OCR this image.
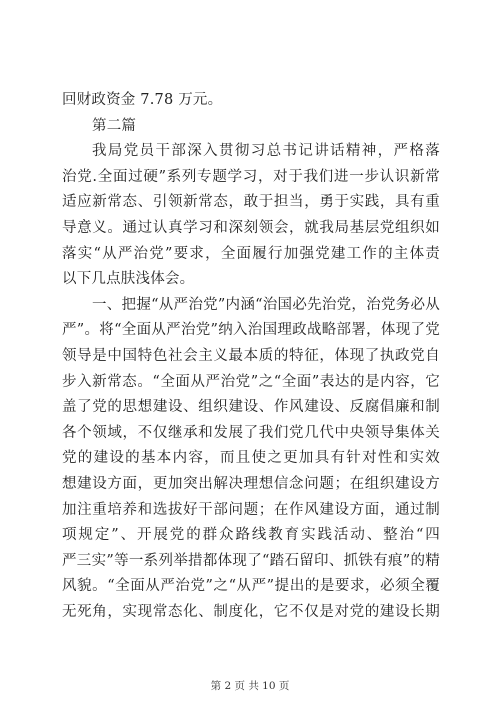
回财政资金 7.78 万元。
第二篇
我局党员干部深入贯彻习总书记讲话精神，严格落
治党.全面过硬”系列专题学习，对于我们进一步认识新常
适应新常态、引领新常态，敢于担当，勇于实践，具有重
导意义。通过认真学习和深刻领会，就我局基层党组织如
落实“从严治党”要求，全面履行加强党建工作的主体责
以下几点肤浅体会。
一、把握“从严治党”内涵“治国必先治党，治党务必从
严”。将“全面从严治党”纳入治国理政战略部署，体现了党
领导是中国特色社会主义最本质的特征，体现了执政党自
步入新常态。“全面从严治党”之“全面”表达的是内容，它
盖了党的思想建设、组织建设、作风建设、反腐倡廉和制
各个领域，不仅继承和发展了我们党几代中央领导集体关
党的建设的基本内容，而且使之更加具有针对性和实效
想建设方面，更加突出解决理想信念问题；在组织建设方
加注重培养和选拔好干部问题；在作风建设方面，通过制
项规定”、开展党的群众路线教育实践活动、整治“四
严三实”等一系列举措都体现了“踏石留印、抓铁有痕”的精
风貌。“全面从严治党”之“从严”提出的是要求，必须全覆
无死角，实现常态化、制度化，它不仅是对党的建设长期
第 2 页 共 10 页
